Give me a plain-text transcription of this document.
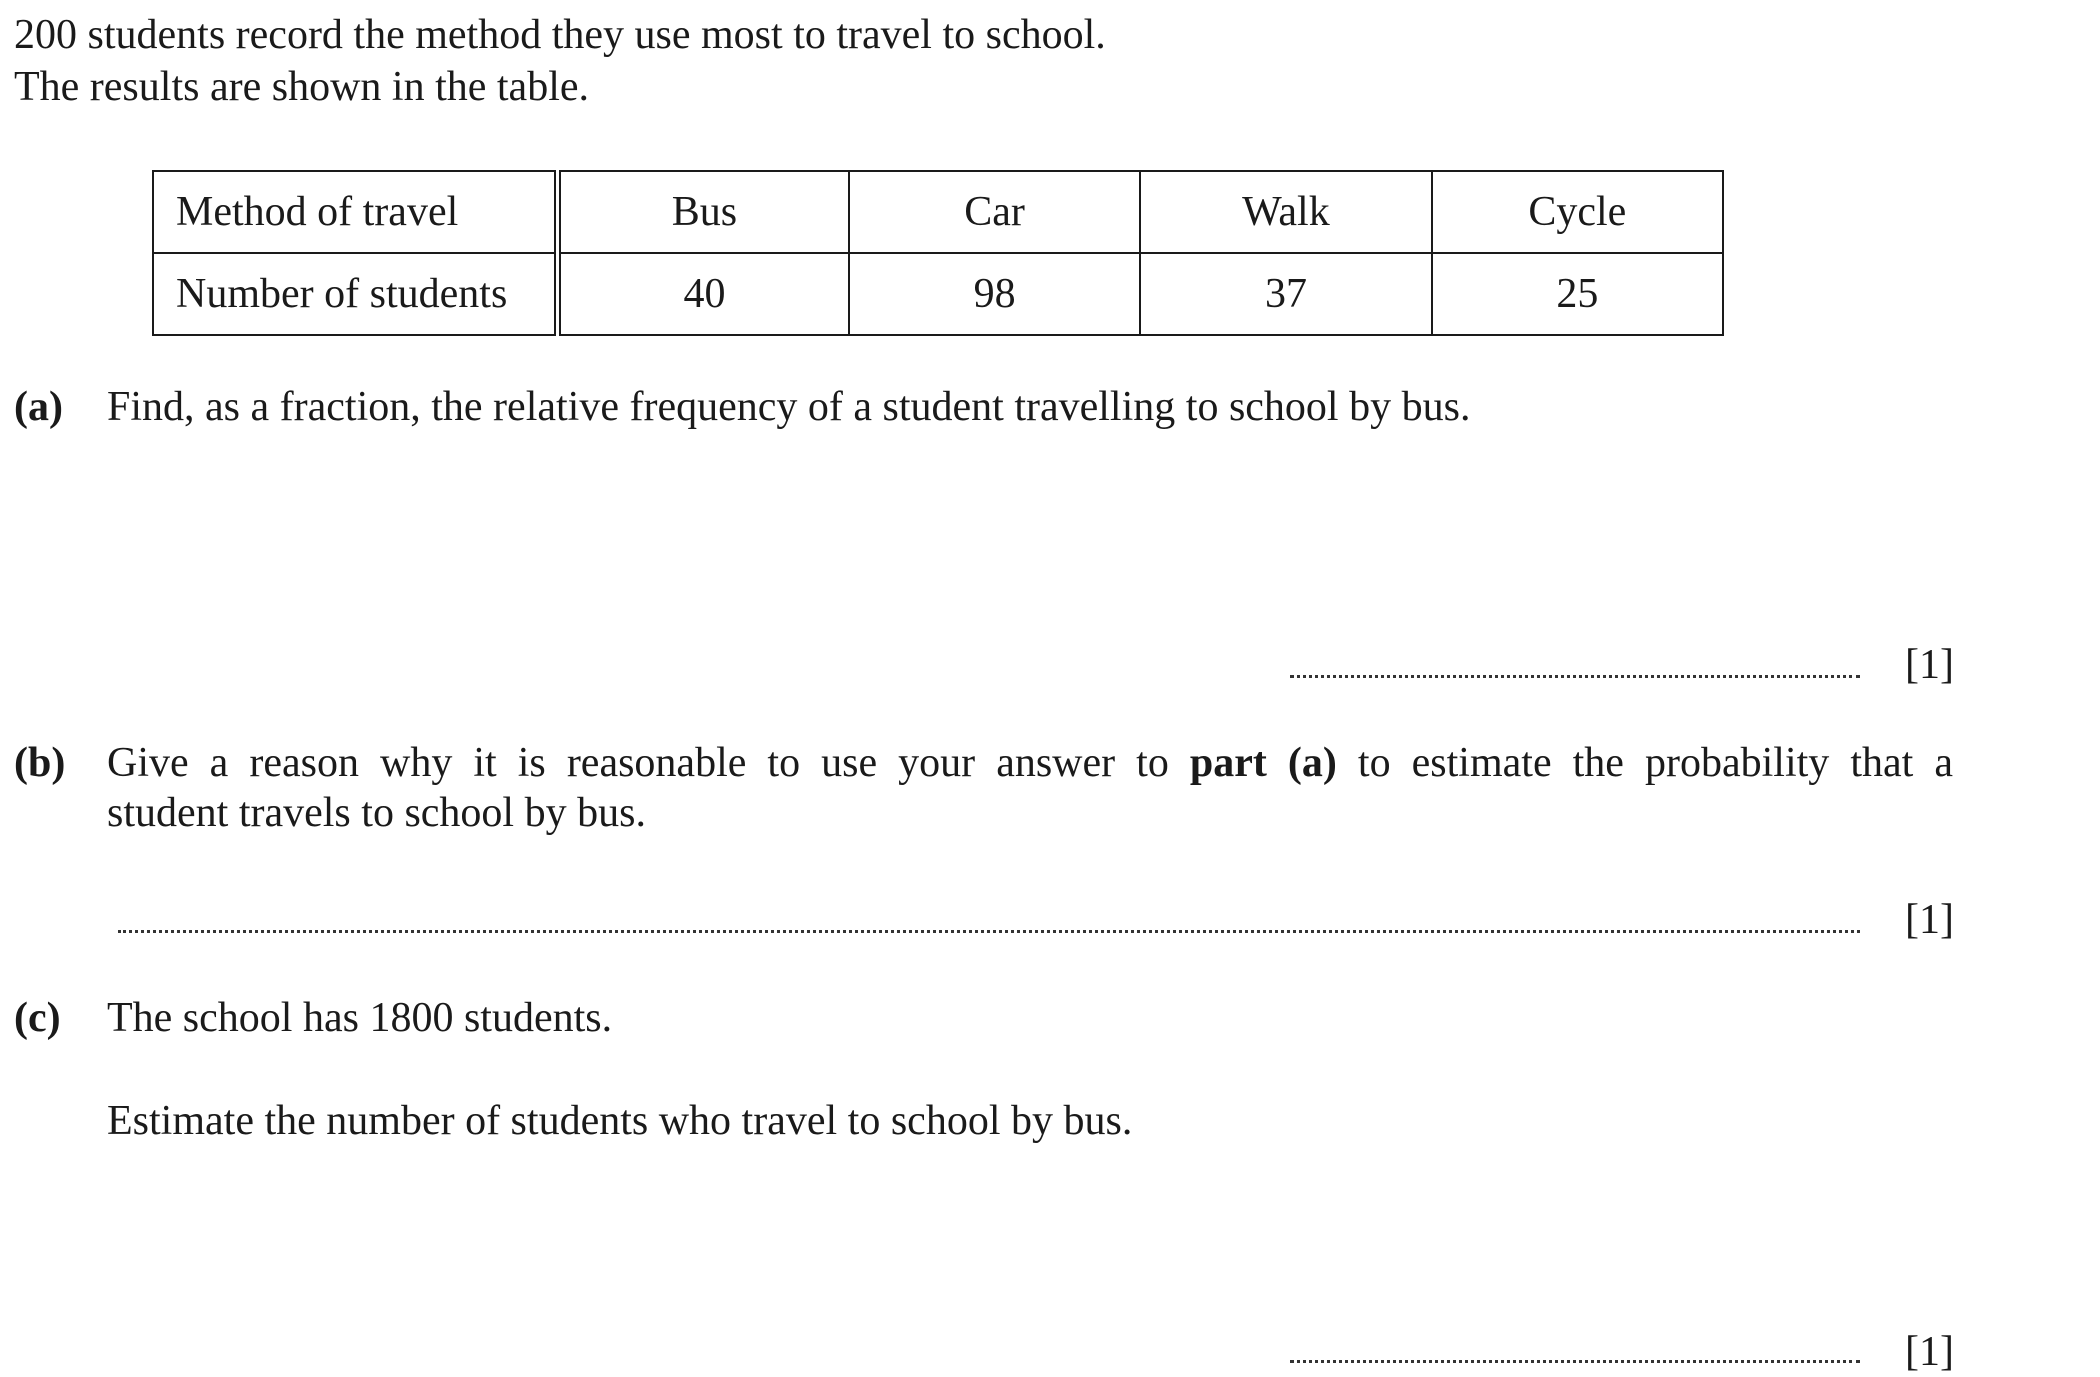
200 students record the method they use most to travel to school.
The results are shown in the table.
Method of travel	Bus	Car	Walk	Cycle
Number of students	40	98	37	25
(a) Find, as a fraction, the relative frequency of a student travelling to school by bus.
[1]
(b) Give a reason why it is reasonable to use your answer to part (a) to estimate the probability that a
student travels to school by bus.
[1]
(c) The school has 1800 students.
Estimate the number of students who travel to school by bus.
[1]
